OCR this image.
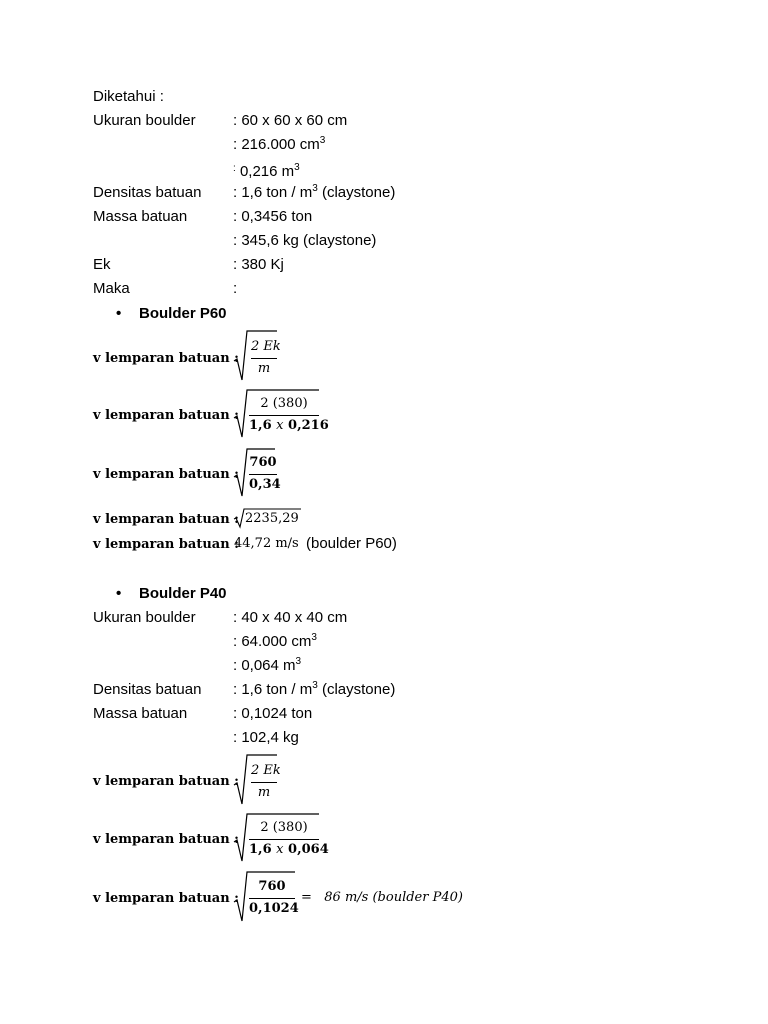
Diketahui :
Ukuran boulder : 60 x 60 x 60 cm
: 216.000 $cm^3$
: 0,216 $m^3$
Densitas batuan : 1,6 ton / $m^3$ (claystone)
Massa batuan	: 0,3456 ton
: 345,6 kg (claystone)
Ek	: 380 Kj
Maka	:
• Boulder P60
v lemparan batuan :
2 Ek
m
v lemparan batuan :
2 (380)
1,6 x 0,216
v lemparan batuan :
760
0,34
v lemparan batuan : 2235,29
v lemparan batuan :
44,72 m/s (boulder P60)
• Boulder P40
Ukuran boulder : 40 x 40 x 40 cm
: 64.000 $cm^3$
: 0,064 $m^3$
Densitas batuan : 1,6 ton / $m^3$ (claystone)
Massa batuan	: 0,1024 ton
: 102,4 kg
v lemparan batuan :
2 Ek
m
v lemparan batuan :
2 (380)
1,6 x 0,064
v lemparan batuan :
760
0,1024
=   86 m/s (boulder P40)
